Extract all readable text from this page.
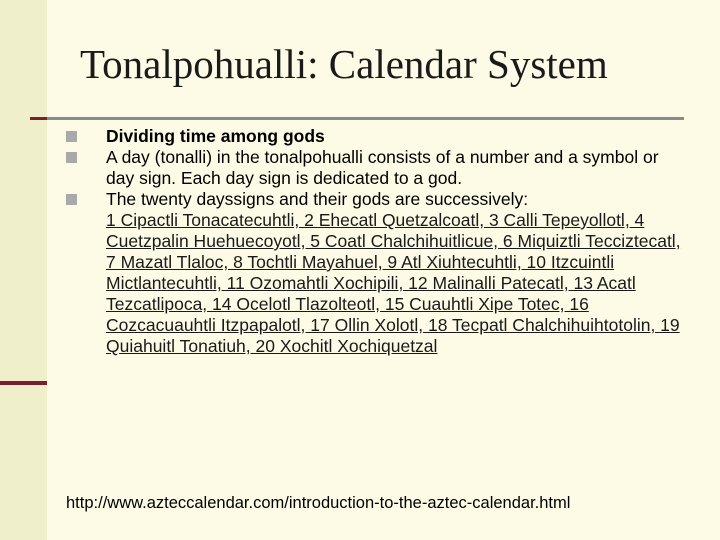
Tonalpohualli: Calendar System
Dividing time among gods
A day (tonalli) in the tonalpohualli consists of a number and a symbol or day sign. Each day sign is dedicated to a god.
The twenty dayssigns and their gods are successively:
1 Cipactli Tonacatecuhtli, 2 Ehecatl Quetzalcoatl, 3 Calli Tepeyollotl, 4 Cuetzpalin Huehuecoyotl, 5 Coatl Chalchihuitlicue, 6 Miquiztli Tecciztecatl, 7 Mazatl Tlaloc, 8 Tochtli Mayahuel, 9 Atl Xiuhtecuhtli, 10 Itzcuintli Mictlantecuhtli, 11 Ozomahtli Xochipili, 12 Malinalli Patecatl, 13 Acatl Tezcatlipoca, 14 Ocelotl Tlazolteotl, 15 Cuauhtli Xipe Totec, 16 Cozcacuauhtli Itzpapalotl, 17 Ollin Xolotl, 18 Tecpatl Chalchihuihtotolin, 19 Quiahuitl Tonatiuh, 20 Xochitl Xochiquetzal
http://www.azteccalendar.com/introduction-to-the-aztec-calendar.html
